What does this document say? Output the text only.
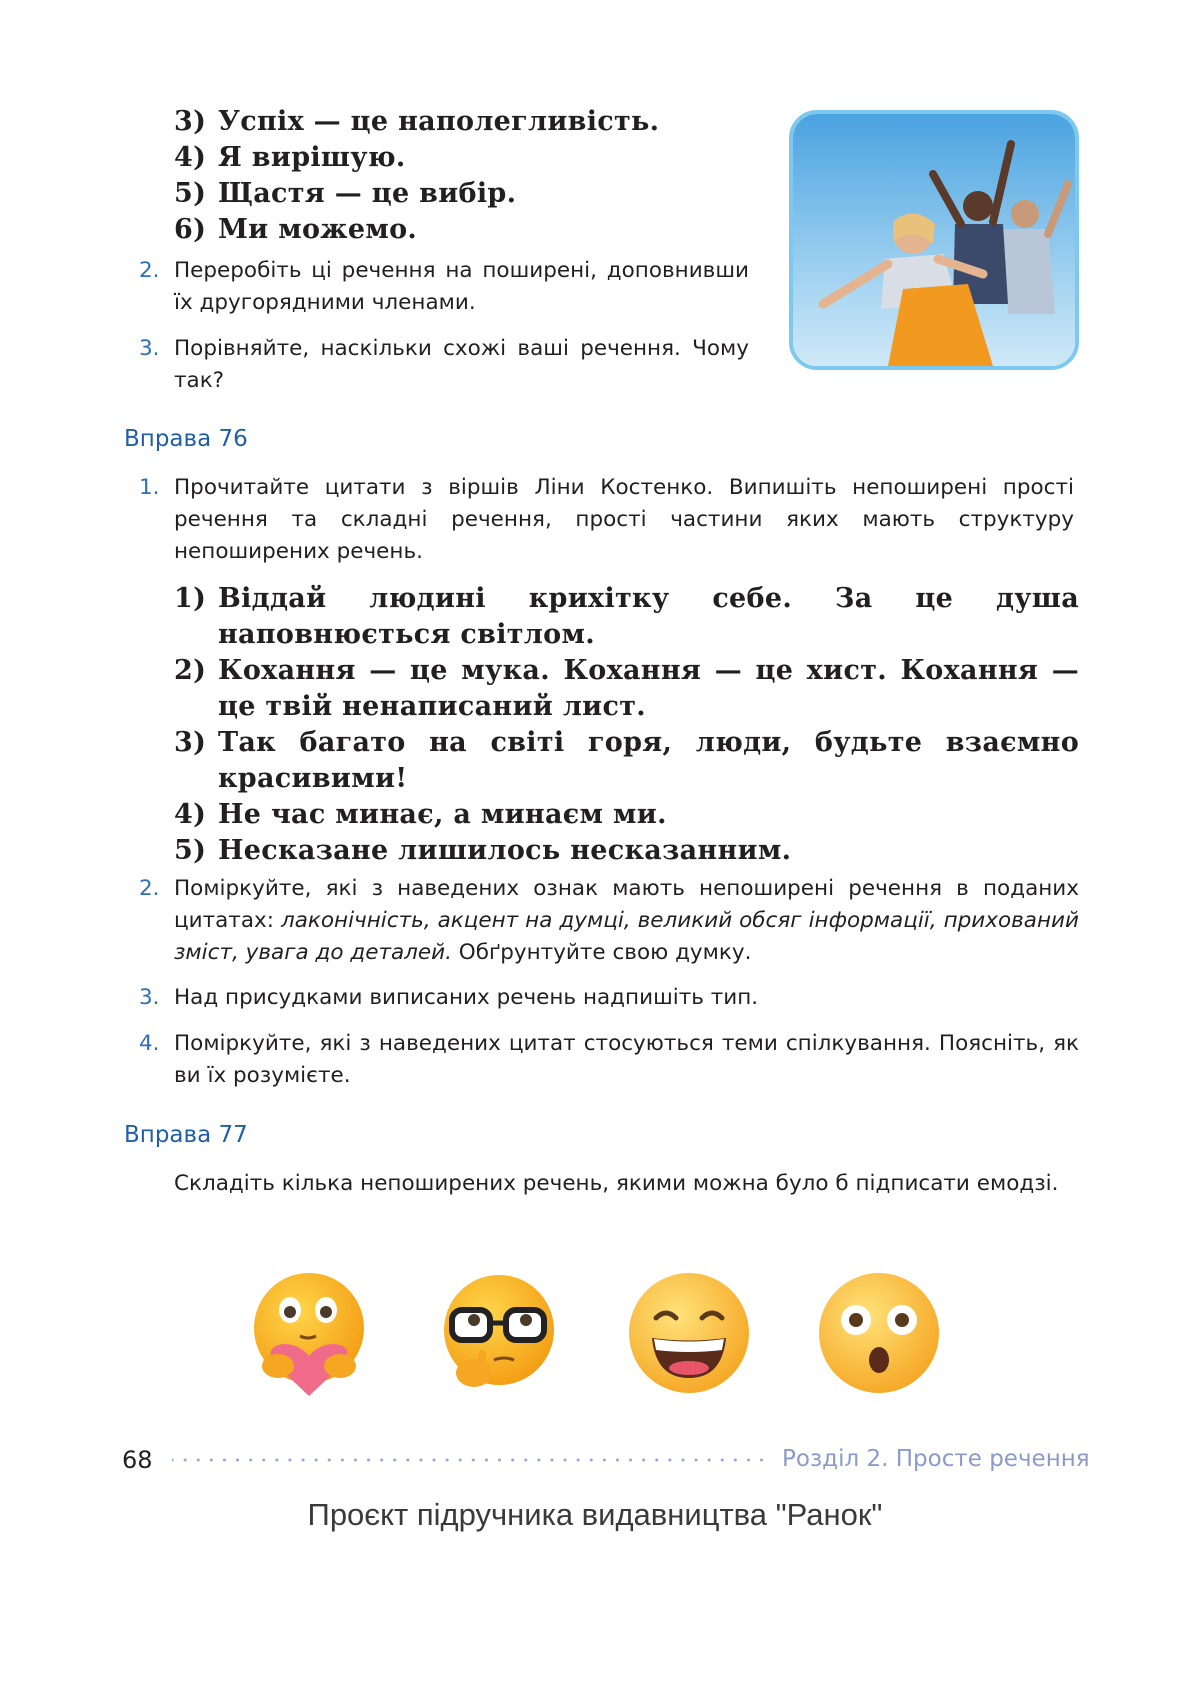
3) Успіх — це наполегливість.
4) Я вирішую.
5) Щастя — це вибір.
6) Ми можемо.
2. Переробіть ці речення на поширені, доповнивши їх другорядними членами.
3. Порівняйте, наскільки схожі ваші речення. Чому так?
Вправа 76
1. Прочитайте цитати з віршів Ліни Костенко. Випишіть непоширені прості речення та складні речення, прості частини яких мають структуру непоширених речень.
1) Віддай людині крихітку себе. За це душа наповнюється світлом.
2) Кохання — це мука. Кохання — це хист. Кохання — це твій ненаписаний лист.
3) Так багато на світі горя, люди, будьте взаємно красивими!
4) Не час минає, а минаєм ми.
5) Несказане лишилось несказанним.
2. Поміркуйте, які з наведених ознак мають непоширені речення в поданих цитатах: лаконічність, акцент на думці, великий обсяг інформації, прихований зміст, увага до деталей. Обґрунтуйте свою думку.
3. Над присудками виписаних речень надпишіть тип.
4. Поміркуйте, які з наведених цитат стосуються теми спілкування. Поясніть, як ви їх розумієте.
Вправа 77
Складіть кілька непоширених речень, якими можна було б підписати емодзі.
68	Розділ 2. Просте речення
Проєкт підручника видавництва "Ранок"
